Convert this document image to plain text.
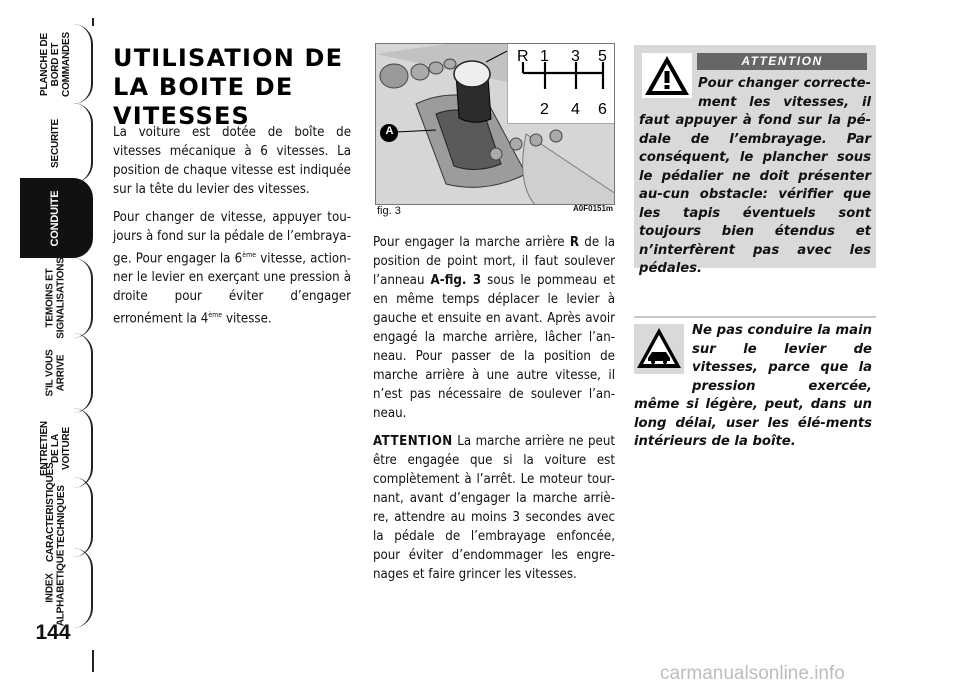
PLANCHE DE
BORD ET
COMMANDES
SECURITE
CONDUITE
TEMOINS ET
SIGNALISATIONS
S'IL VOUS
ARRIVE
ENTRETIEN
DE LA VOITURE
CARACTERISTIQUES
TECHNIQUES
INDEX
ALPHABETIQUE
144
UTILISATION DE LA BOITE DE VITESSES

La voiture est dotée de boîte de vitesses mécanique à 6 vitesses. La position de chaque vitesse est indiquée sur la tête du levier des vitesses.

Pour changer de vitesse, appuyer tou-jours à fond sur la pédale de l’embraya-ge. Pour engager la 6ème vitesse, action-ner le levier en exerçant une pression à droite pour éviter d’engager erronément la 4ème vitesse.

A
R 1 3 5
2 4 6
fig. 3	A0F0151m

Pour engager la marche arrière R de la position de point mort, il faut soulever l’anneau A-fig. 3 sous le pommeau et en même temps déplacer le levier à gauche et ensuite en avant. Après avoir engagé la marche arrière, lâcher l’an-neau. Pour passer de la position de marche arrière à une autre vitesse, il n’est pas nécessaire de soulever l’an-neau.

ATTENTION La marche arrière ne peut être engagée que si la voiture est complètement à l’arrêt. Le moteur tour-nant, avant d’engager la marche arriè-re, attendre au moins 3 secondes avec la pédale de l’embrayage enfoncée, pour éviter d’endommager les engre-nages et faire grincer les vitesses.

ATTENTION
Pour changer correcte-ment les vitesses, il faut appuyer à fond sur la pé-dale de l’embrayage. Par conséquent, le plancher sous le pédalier ne doit présenter au-cun obstacle: vérifier que les tapis éventuels sont toujours bien étendus et n’interfèrent pas avec les pédales.
Ne pas conduire la main sur le levier de vitesses, parce que la pression exercée, même si légère, peut, dans un long délai, user les élé-ments intérieurs de la boîte.
carmanualsonline.info
